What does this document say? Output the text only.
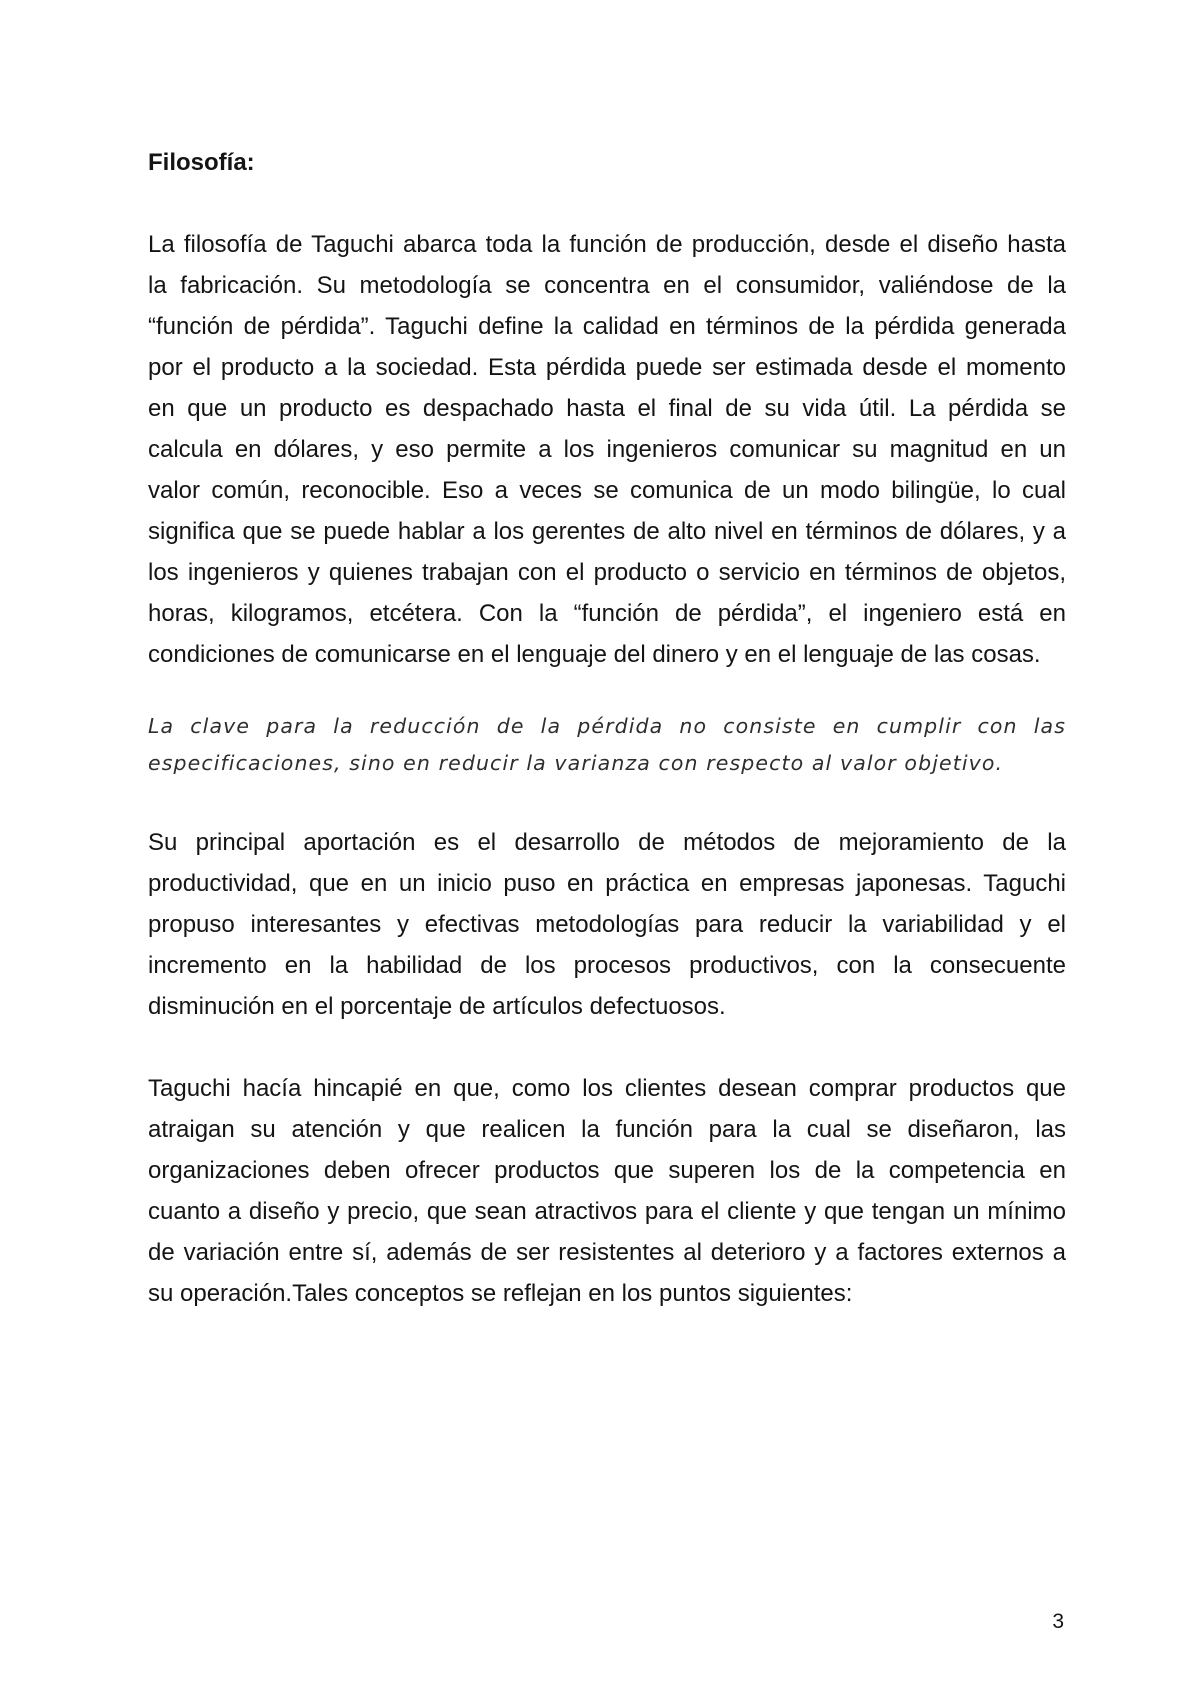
Filosofía:
La filosofía de Taguchi abarca toda la función de producción, desde el diseño hasta
la fabricación. Su metodología se concentra en el consumidor, valiéndose de la
“función de pérdida”. Taguchi define la calidad en términos de la pérdida generada
por el producto a la sociedad. Esta pérdida puede ser estimada desde el momento
en que un producto es despachado hasta el final de su vida útil. La pérdida se
calcula en dólares, y eso permite a los ingenieros comunicar su magnitud en un
valor común, reconocible. Eso a veces se comunica de un modo bilingüe, lo cual
significa que se puede hablar a los gerentes de alto nivel en términos de dólares, y a
los ingenieros y quienes trabajan con el producto o servicio en términos de objetos,
horas, kilogramos, etcétera. Con la “función de pérdida”, el ingeniero está en
condiciones de comunicarse en el lenguaje del dinero y en el lenguaje de las cosas.
La clave para la reducción de la pérdida no consiste en cumplir con las
especificaciones, sino en reducir la varianza con respecto al valor objetivo.
Su principal aportación es el desarrollo de métodos de mejoramiento de la
productividad, que en un inicio puso en práctica en empresas japonesas. Taguchi
propuso interesantes y efectivas metodologías para reducir la variabilidad y el
incremento en la habilidad de los procesos productivos, con la consecuente
disminución en el porcentaje de artículos defectuosos.
Taguchi hacía hincapié en que, como los clientes desean comprar productos que
atraigan su atención y que realicen la función para la cual se diseñaron, las
organizaciones deben ofrecer productos que superen los de la competencia en
cuanto a diseño y precio, que sean atractivos para el cliente y que tengan un mínimo
de variación entre sí, además de ser resistentes al deterioro y a factores externos a
su operación.Tales conceptos se reflejan en los puntos siguientes:
3
